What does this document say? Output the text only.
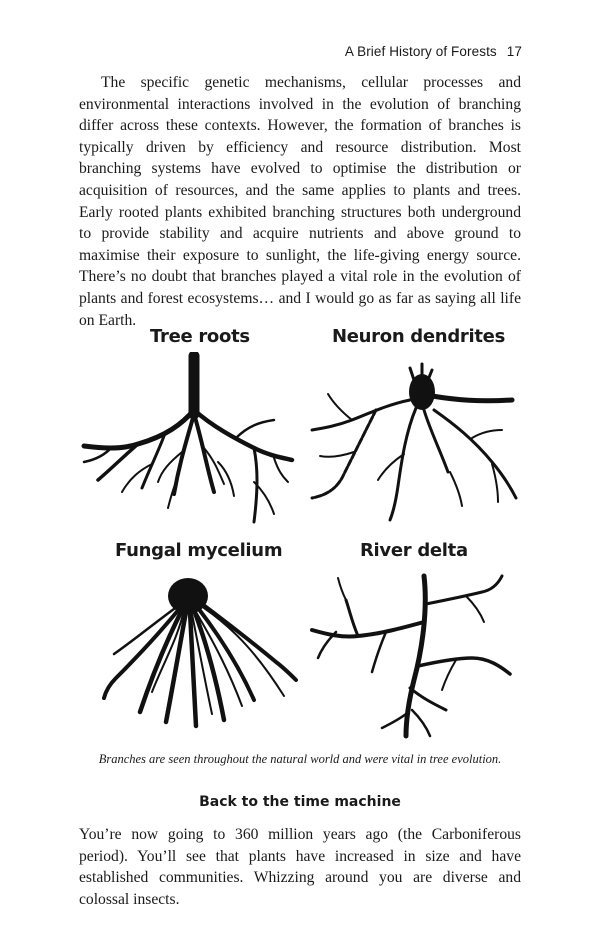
A Brief History of Forests 17

The specific genetic mechanisms, cellular processes and environmental interactions involved in the evolution of branching differ across these contexts. However, the formation of branches is typically driven by efficiency and resource distribution. Most branching systems have evolved to optimise the distribution or acquisition of resources, and the same applies to plants and trees. Early rooted plants exhibited branching structures both underground to provide stability and acquire nutrients and above ground to maximise their exposure to sunlight, the life-giving energy source. There’s no doubt that branches played a vital role in the evolution of plants and forest ecosystems… and I would go as far as saying all life on Earth.

Tree roots	Neuron dendrites
Fungal mycelium	River delta
Branches are seen throughout the natural world and were vital in tree evolution.
Back to the time machine

You’re now going to 360 million years ago (the Carboniferous period). You’ll see that plants have increased in size and have established communities. Whizzing around you are diverse and colossal insects.
